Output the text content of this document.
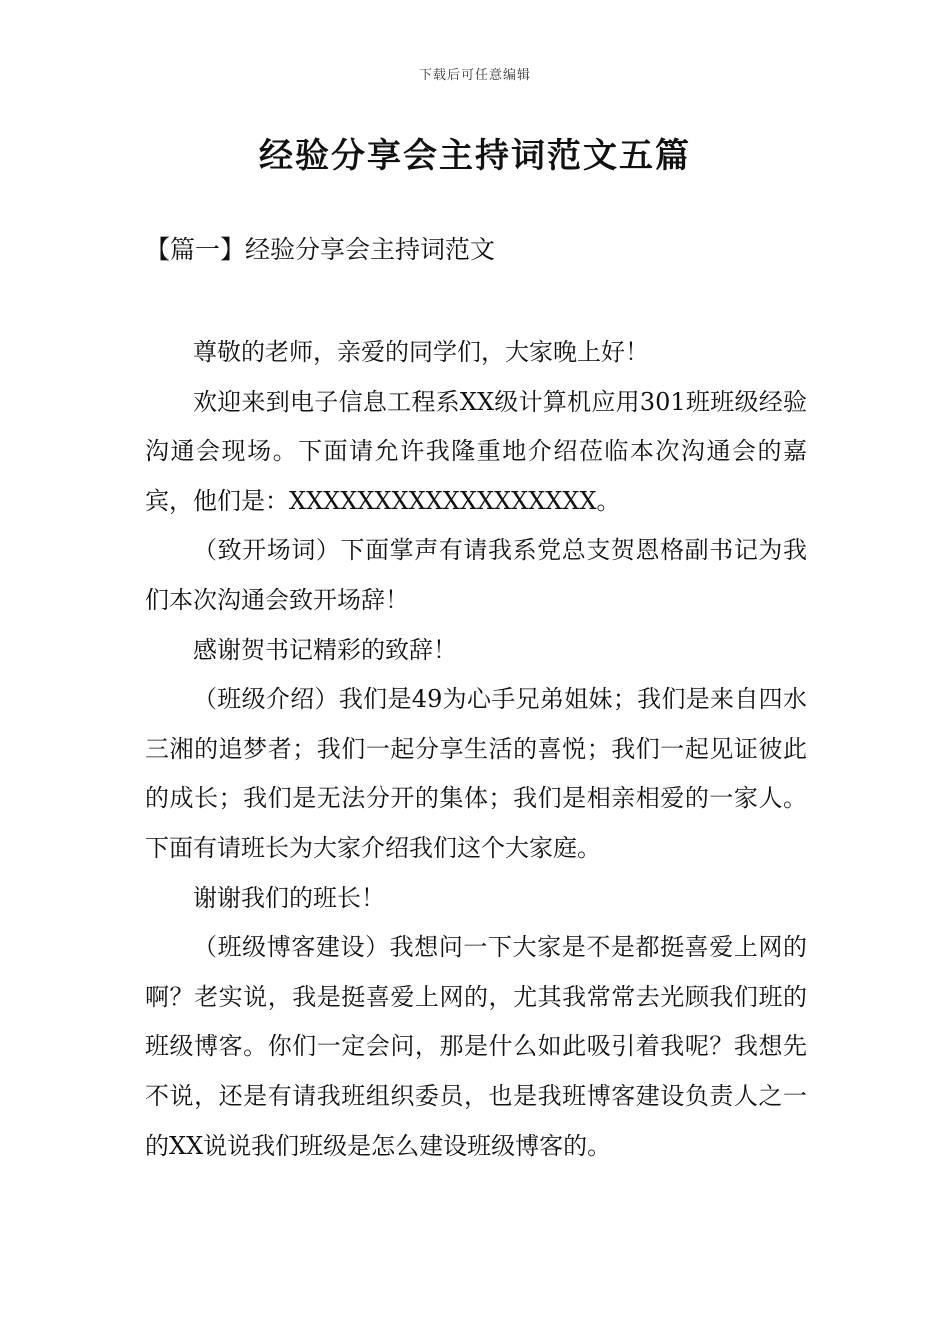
下载后可任意编辑
经验分享会主持词范文五篇
【篇一】经验分享会主持词范文

尊敬的老师，亲爱的同学们，大家晚上好！

欢迎来到电子信息工程系XX级计算机应用301班班级经验沟通会现场。下面请允许我隆重地介绍莅临本次沟通会的嘉宾，他们是：XXXXXXXXXXXXXXXXXX。

（致开场词）下面掌声有请我系党总支贺恩格副书记为我们本次沟通会致开场辞！

感谢贺书记精彩的致辞！

（班级介绍）我们是49为心手兄弟姐妹；我们是来自四水三湘的追梦者；我们一起分享生活的喜悦；我们一起见证彼此的成长；我们是无法分开的集体；我们是相亲相爱的一家人。下面有请班长为大家介绍我们这个大家庭。

谢谢我们的班长！

（班级博客建设）我想问一下大家是不是都挺喜爱上网的啊？老实说，我是挺喜爱上网的，尤其我常常去光顾我们班的班级博客。你们一定会问，那是什么如此吸引着我呢？我想先不说，还是有请我班组织委员，也是我班博客建设负责人之一的XX说说我们班级是怎么建设班级博客的。
